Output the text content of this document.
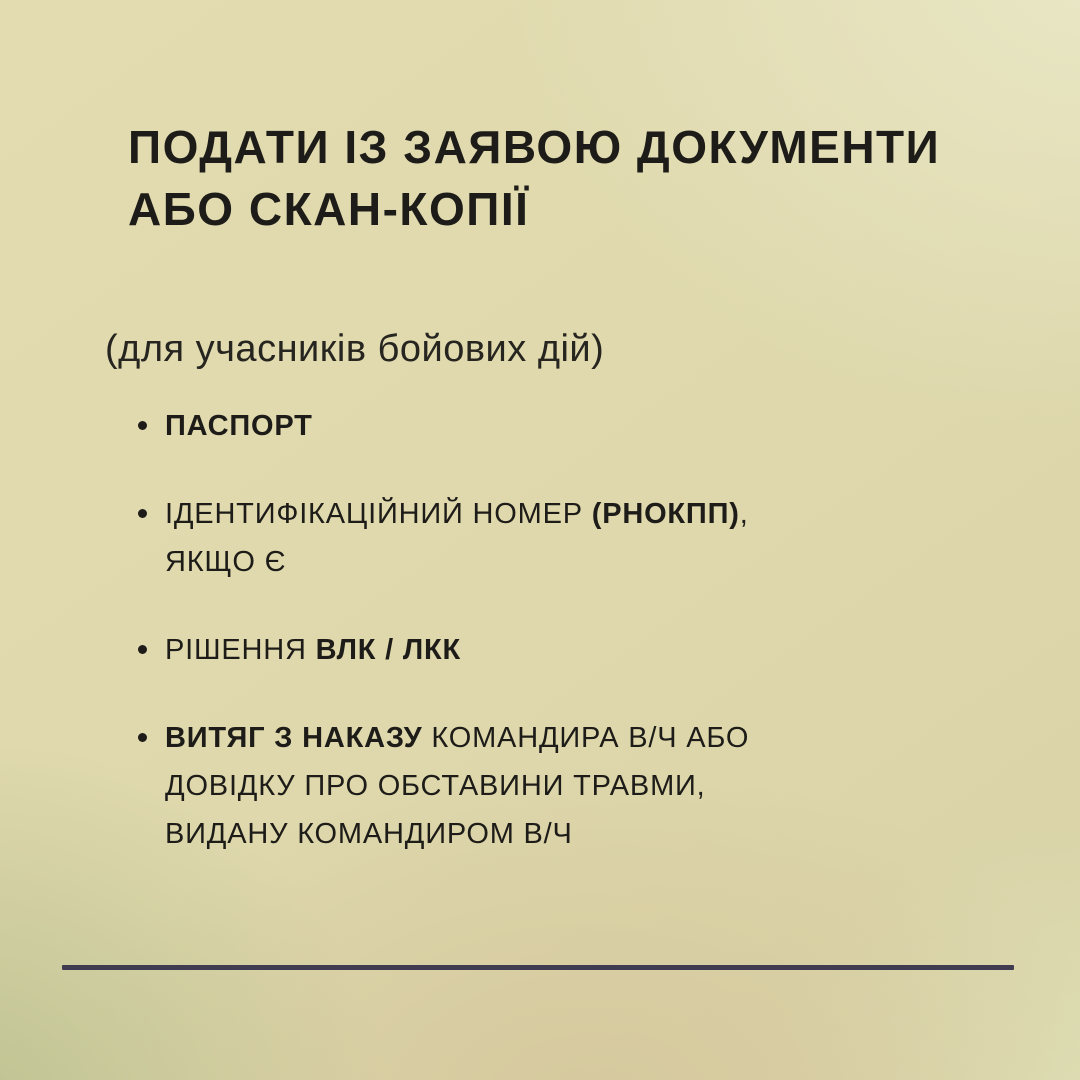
ПОДАТИ ІЗ ЗАЯВОЮ ДОКУМЕНТИ
АБО СКАН-КОПІЇ
(для учасників бойових дій)
ПАСПОРТ
ІДЕНТИФІКАЦІЙНИЙ НОМЕР (РНОКПП),
ЯКЩО Є
РІШЕННЯ ВЛК / ЛКК
ВИТЯГ З НАКАЗУ КОМАНДИРА В/Ч АБО
ДОВІДКУ ПРО ОБСТАВИНИ ТРАВМИ,
ВИДАНУ КОМАНДИРОМ В/Ч
